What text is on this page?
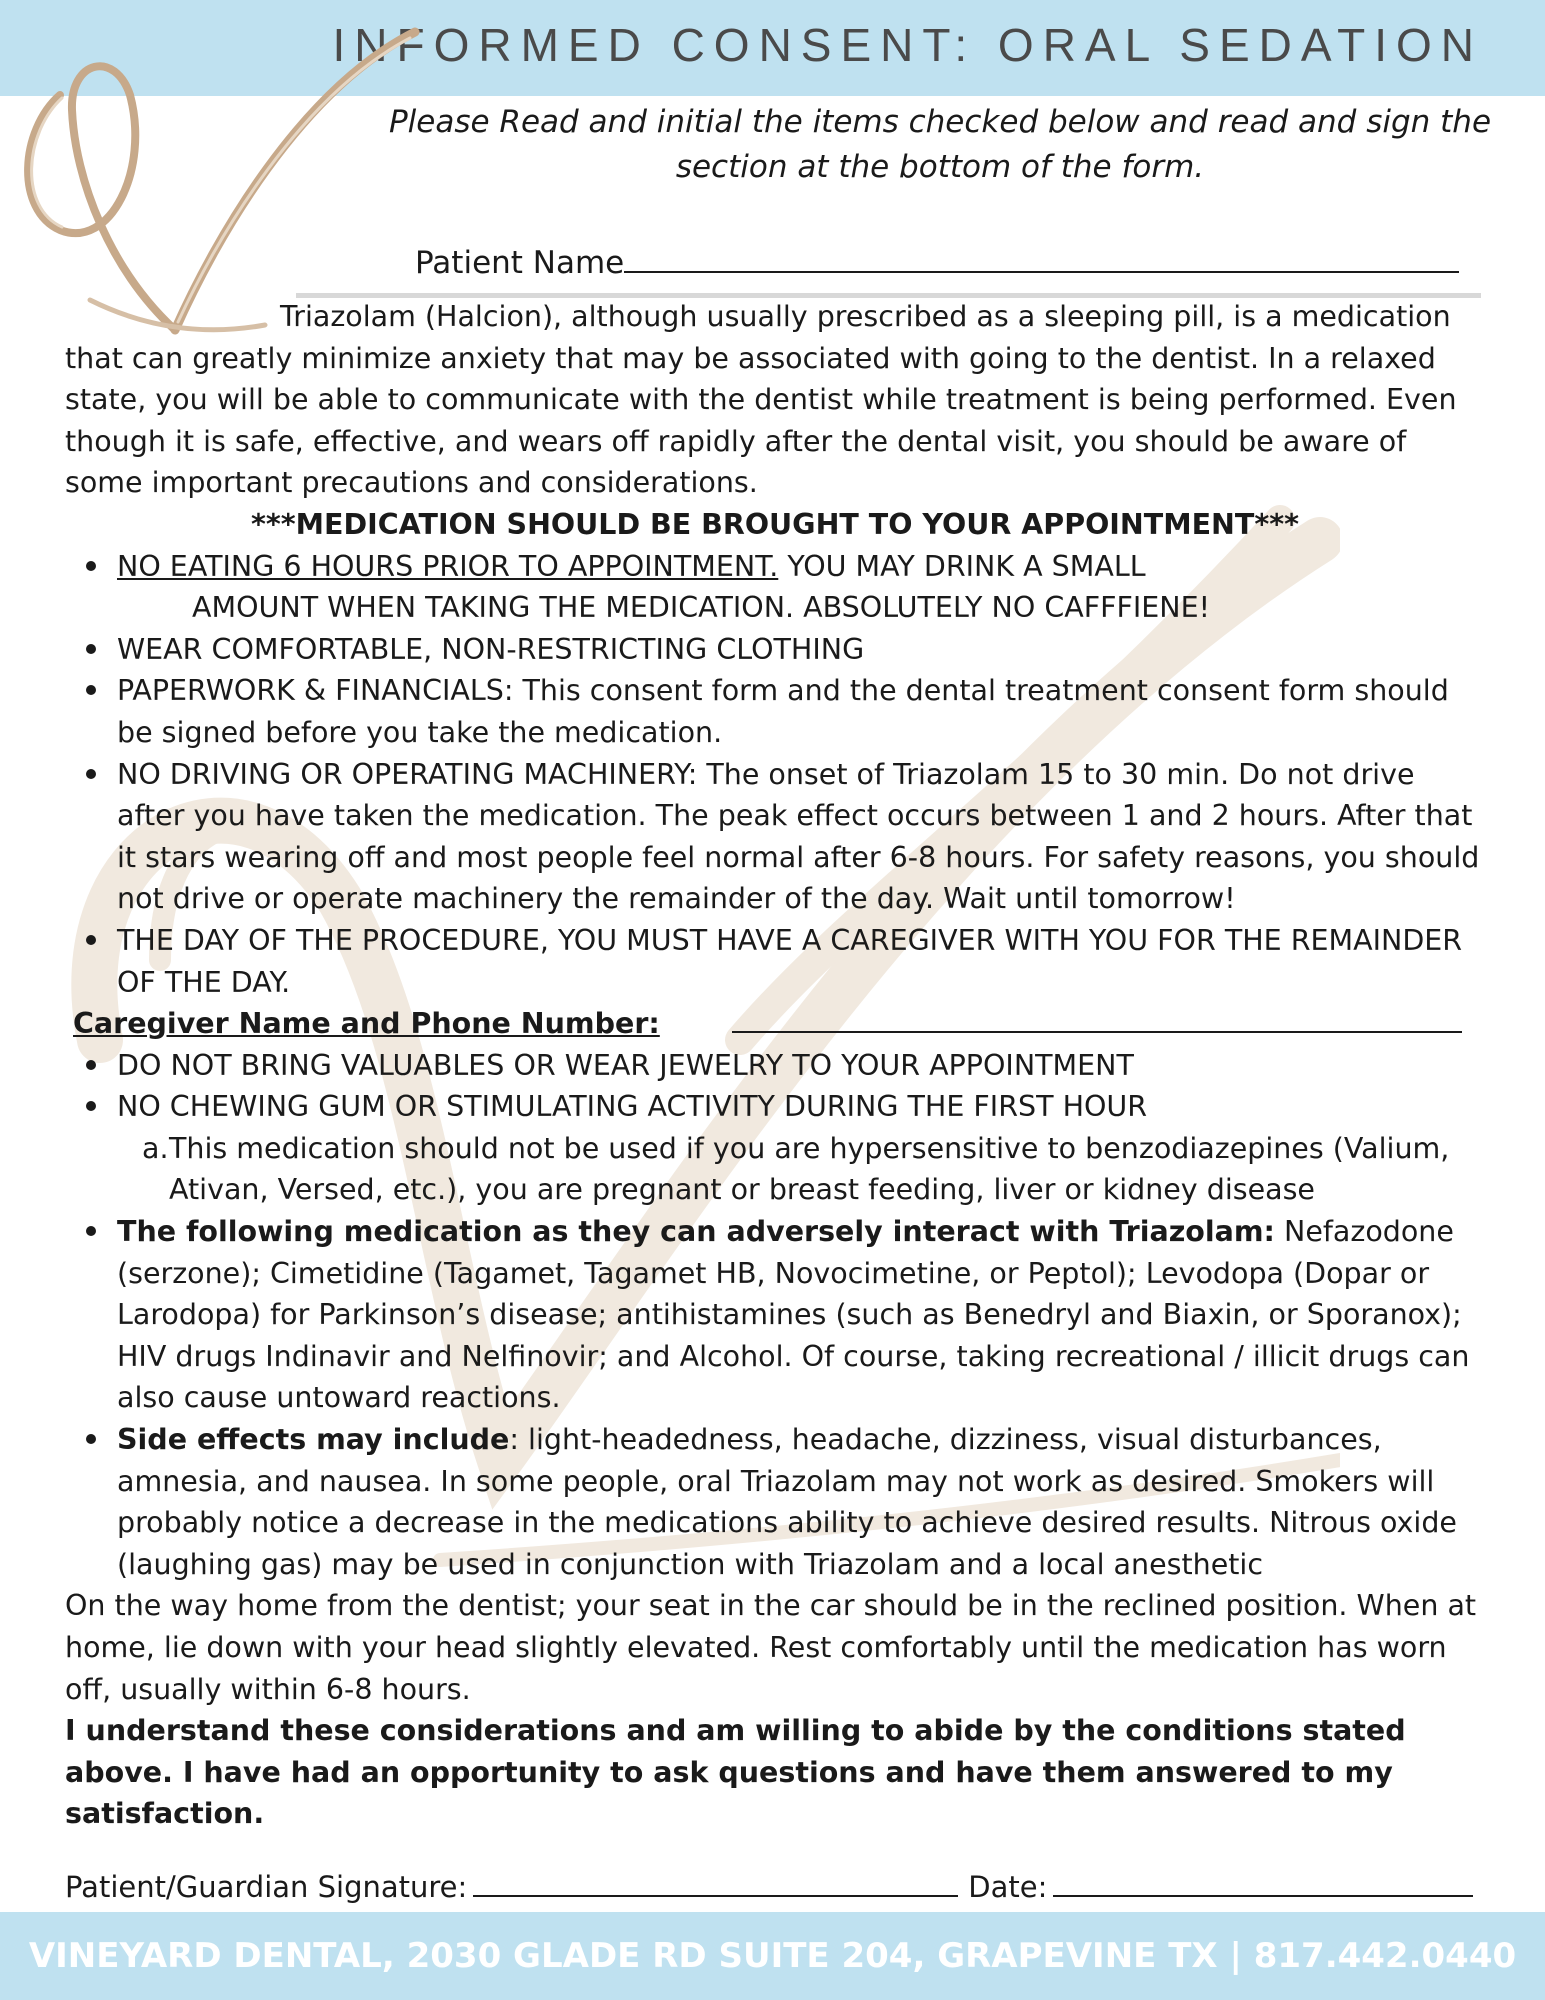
INFORMED CONSENT: ORAL SEDATION
Please Read and initial the items checked below and read and sign the section at the bottom of the form.
Patient Name

Triazolam (Halcion), although usually prescribed as a sleeping pill, is a medication that can greatly minimize anxiety that may be associated with going to the dentist. In a relaxed state, you will be able to communicate with the dentist while treatment is being performed. Even though it is safe, effective, and wears off rapidly after the dental visit, you should be aware of some important precautions and considerations.

***MEDICATION SHOULD BE BROUGHT TO YOUR APPOINTMENT***

NO EATING 6 HOURS PRIOR TO APPOINTMENT. YOU MAY DRINK A SMALL
AMOUNT WHEN TAKING THE MEDICATION. ABSOLUTELY NO CAFFFIENE!
WEAR COMFORTABLE, NON-RESTRICTING CLOTHING
PAPERWORK & FINANCIALS: This consent form and the dental treatment consent form should be signed before you take the medication.
NO DRIVING OR OPERATING MACHINERY: The onset of Triazolam 15 to 30 min. Do not drive after you have taken the medication. The peak effect occurs between 1 and 2 hours. After that it stars wearing off and most people feel normal after 6-8 hours. For safety reasons, you should not drive or operate machinery the remainder of the day. Wait until tomorrow!
THE DAY OF THE PROCEDURE, YOU MUST HAVE A CAREGIVER WITH YOU FOR THE REMAINDER OF THE DAY.
Caregiver Name and Phone Number:
DO NOT BRING VALUABLES OR WEAR JEWELRY TO YOUR APPOINTMENT
NO CHEWING GUM OR STIMULATING ACTIVITY DURING THE FIRST HOUR
a. This medication should not be used if you are hypersensitive to benzodiazepines (Valium, Ativan, Versed, etc.), you are pregnant or breast feeding, liver or kidney disease
The following medication as they can adversely interact with Triazolam: Nefazodone (serzone); Cimetidine (Tagamet, Tagamet HB, Novocimetine, or Peptol); Levodopa (Dopar or Larodopa) for Parkinson’s disease; antihistamines (such as Benedryl and Biaxin, or Sporanox); HIV drugs Indinavir and Nelfinovir; and Alcohol. Of course, taking recreational / illicit drugs can also cause untoward reactions.
Side effects may include: light-headedness, headache, dizziness, visual disturbances, amnesia, and nausea. In some people, oral Triazolam may not work as desired. Smokers will probably notice a decrease in the medications ability to achieve desired results. Nitrous oxide (laughing gas) may be used in conjunction with Triazolam and a local anesthetic

On the way home from the dentist; your seat in the car should be in the reclined position. When at home, lie down with your head slightly elevated. Rest comfortably until the medication has worn off, usually within 6-8 hours.

I understand these considerations and am willing to abide by the conditions stated above. I have had an opportunity to ask questions and have them answered to my satisfaction.

Patient/Guardian Signature:	Date:
VINEYARD DENTAL, 2030 GLADE RD SUITE 204, GRAPEVINE TX | 817.442.0440
